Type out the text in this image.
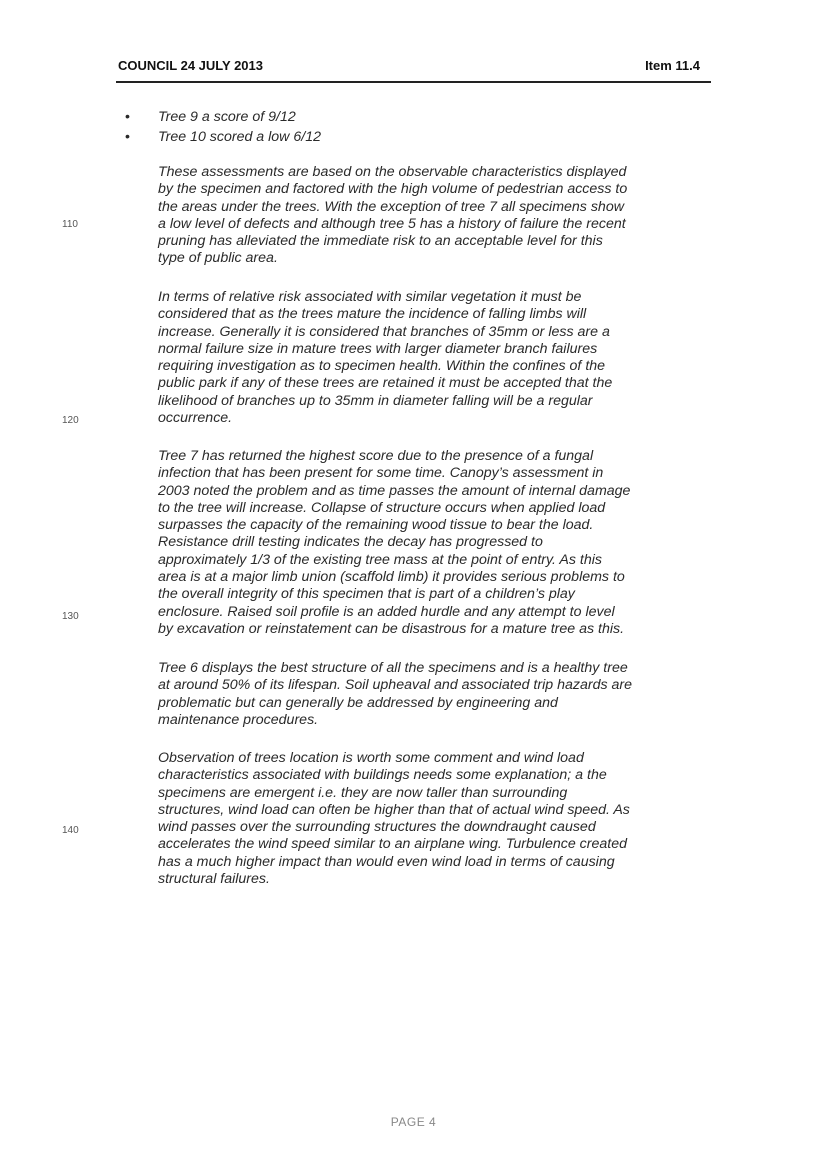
COUNCIL 24 JULY 2013	Item 11.4
•	Tree 9 a score of 9/12
•	Tree 10 scored a low 6/12
These assessments are based on the observable characteristics displayed
by the specimen and factored with the high volume of pedestrian access to
the areas under the trees. With the exception of tree 7 all specimens show
a low level of defects and although tree 5 has a history of failure the recent
pruning has alleviated the immediate risk to an acceptable level for this
type of public area.
In terms of relative risk associated with similar vegetation it must be
considered that as the trees mature the incidence of falling limbs will
increase. Generally it is considered that branches of 35mm or less are a
normal failure size in mature trees with larger diameter branch failures
requiring investigation as to specimen health. Within the confines of the
public park if any of these trees are retained it must be accepted that the
likelihood of branches up to 35mm in diameter falling will be a regular
occurrence.
Tree 7 has returned the highest score due to the presence of a fungal
infection that has been present for some time. Canopy’s assessment in
2003 noted the problem and as time passes the amount of internal damage
to the tree will increase. Collapse of structure occurs when applied load
surpasses the capacity of the remaining wood tissue to bear the load.
Resistance drill testing indicates the decay has progressed to
approximately 1/3 of the existing tree mass at the point of entry. As this
area is at a major limb union (scaffold limb) it provides serious problems to
the overall integrity of this specimen that is part of a children’s play
enclosure. Raised soil profile is an added hurdle and any attempt to level
by excavation or reinstatement can be disastrous for a mature tree as this.
Tree 6 displays the best structure of all the specimens and is a healthy tree
at around 50% of its lifespan. Soil upheaval and associated trip hazards are
problematic but can generally be addressed by engineering and
maintenance procedures.
Observation of trees location is worth some comment and wind load
characteristics associated with buildings needs some explanation; a the
specimens are emergent i.e. they are now taller than surrounding
structures, wind load can often be higher than that of actual wind speed. As
wind passes over the surrounding structures the downdraught caused
accelerates the wind speed similar to an airplane wing. Turbulence created
has a much higher impact than would even wind load in terms of causing
structural failures.
110
120
130
140
PAGE 4
